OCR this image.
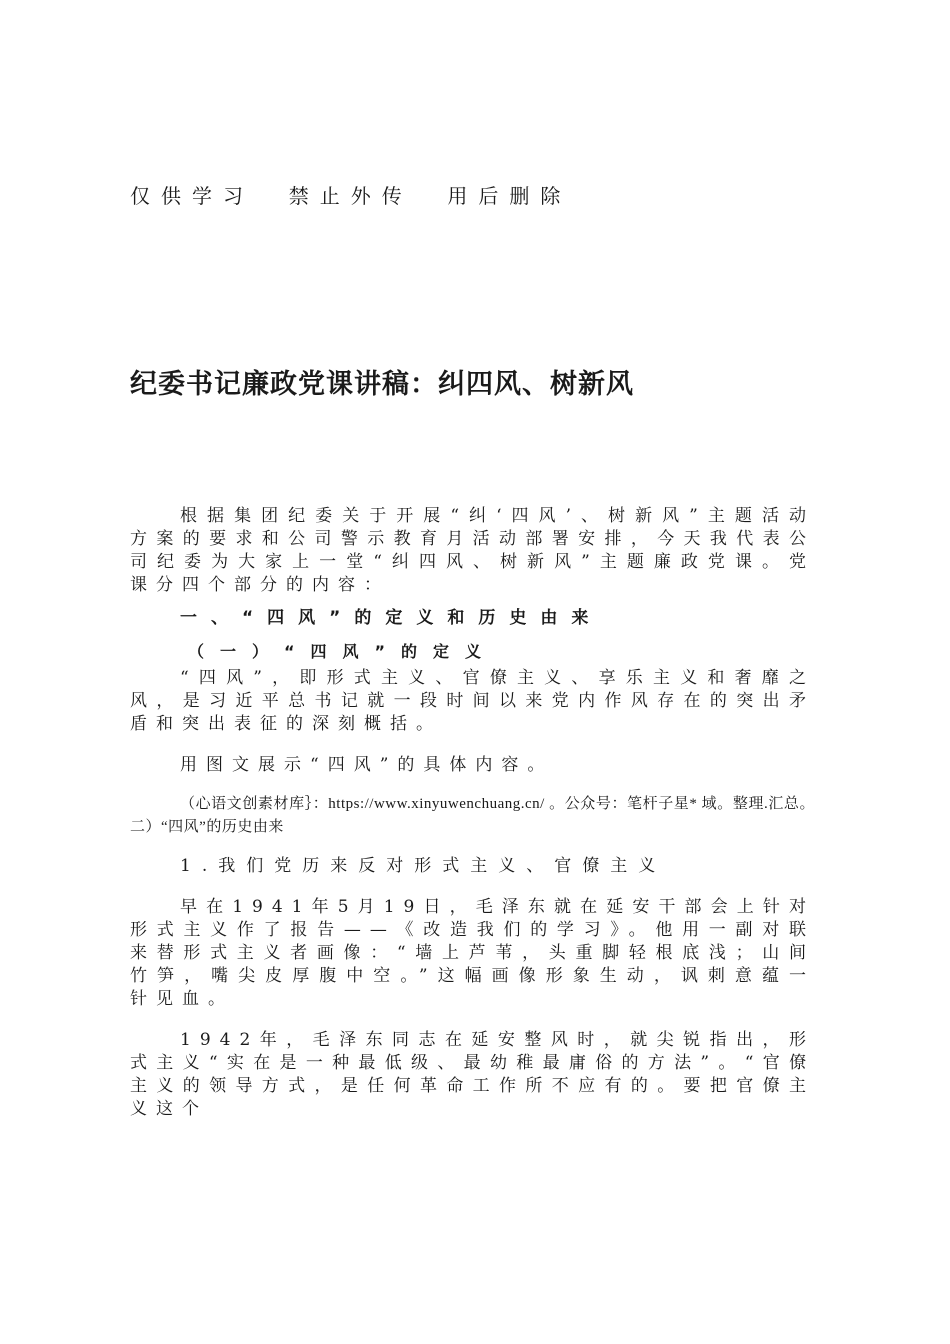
仅供学习  禁止外传  用后删除
纪委书记廉政党课讲稿：纠四风、树新风

根据集团纪委关于开展“纠‘四风’、树新风”主题活动方案的要求和公司警示教育月活动部署安排，今天我代表公司纪委为大家上一堂“纠四风、树新风”主题廉政党课。党课分四个部分的内容：

一、“四风”的定义和历史由来

（一）“四风”的定义

“四风”，即形式主义、官僚主义、享乐主义和奢靡之风，是习近平总书记就一段时间以来党内作风存在的突出矛盾和突出表征的深刻概括。

用图文展示“四风”的具体内容。

（心语文创素材库｝：https://www.xinyuwenchuang.cn/ 。公众号：笔杆子星* 域。整理.汇总。二）“四风”的历史由来

1.我们党历来反对形式主义、官僚主义

早在1941年5月19日，毛泽东就在延安干部会上针对形式主义作了报告——《改造我们的学习》。他用一副对联来替形式主义者画像：“墙上芦苇，头重脚轻根底浅；山间竹笋，嘴尖皮厚腹中空。”这幅画像形象生动，讽刺意蕴一针见血。

1942年，毛泽东同志在延安整风时，就尖锐指出，形式主义“实在是一种最低级、最幼稚最庸俗的方法”。“官僚主义的领导方式，是任何革命工作所不应有的。要把官僚主义这个
